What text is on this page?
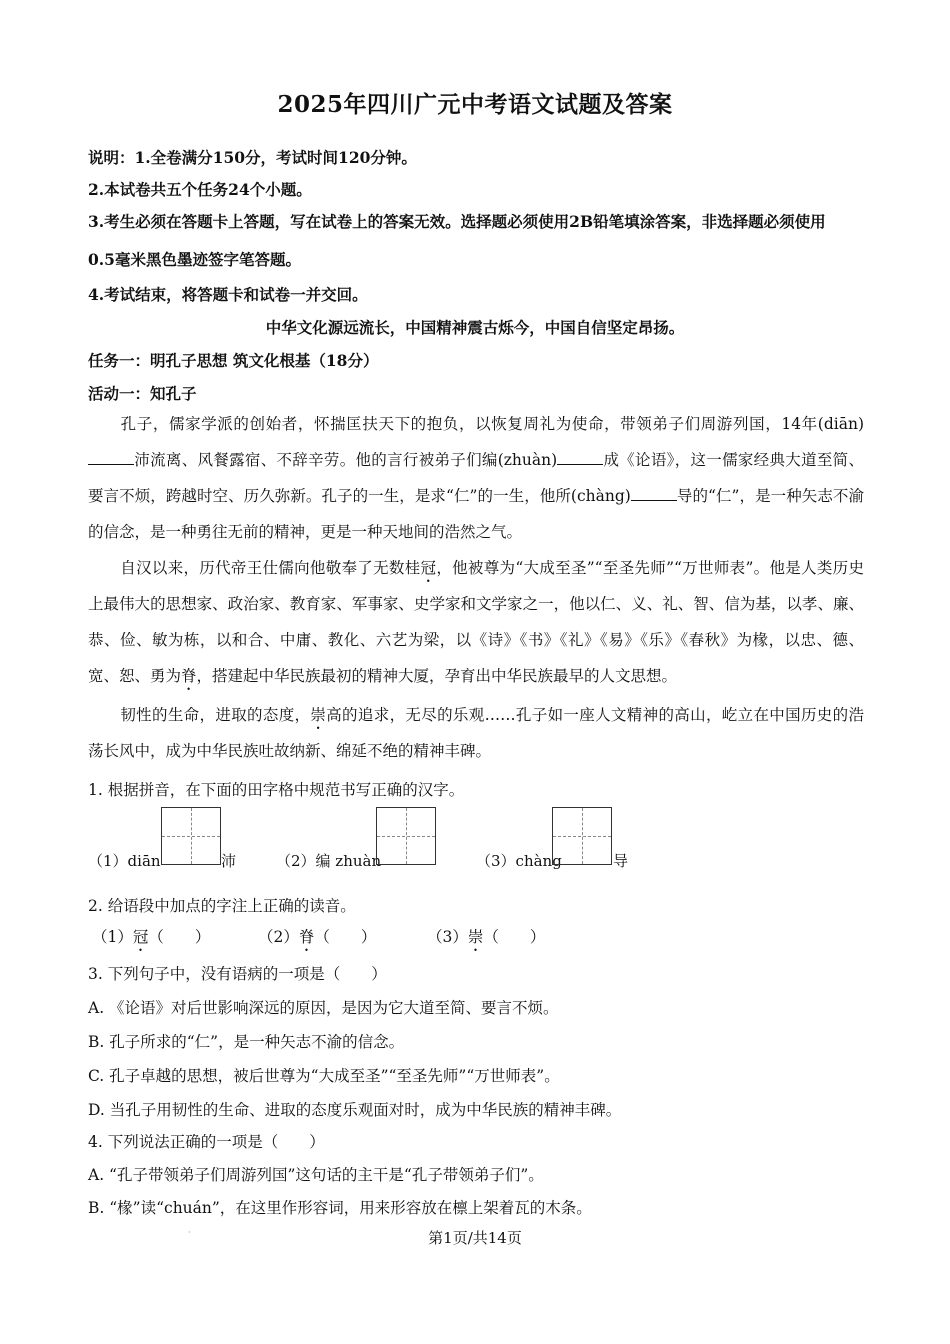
2025年四川广元中考语文试题及答案
说明：1.全卷满分150分，考试时间120分钟。
2.本试卷共五个任务24个小题。
3.考生必须在答题卡上答题，写在试卷上的答案无效。选择题必须使用2B铅笔填涂答案，非选择题必须使用
0.5毫米黑色墨迹签字笔答题。
4.考试结束，将答题卡和试卷一并交回。
中华文化源远流长，中国精神震古烁今，中国自信坚定昂扬。
任务一：明孔子思想 筑文化根基（18分）
活动一：知孔子
孔子，儒家学派的创始者，怀揣匡扶天下的抱负，以恢复周礼为使命，带领弟子们周游列国，14年(diān)沛流离、风餐露宿、不辞辛劳。他的言行被弟子们编(zhuàn)	成《论语》，这一儒家经典大道至简、要言不烦，跨越时空、历久弥新。孔子的一生，是求“仁”的一生，他所(chàng)	导的“仁”，是一种矢志不渝的信念，是一种勇往无前的精神，更是一种天地间的浩然之气。
自汉以来，历代帝王仕儒向他敬奉了无数桂冠，他被尊为“大成至圣”“至圣先师”“万世师表”。他是人类历史上最伟大的思想家、政治家、教育家、军事家、史学家和文学家之一，他以仁、义、礼、智、信为基，以孝、廉、恭、俭、敏为栋，以和合、中庸、教化、六艺为梁，以《诗》《书》《礼》《易》《乐》《春秋》为椽，以忠、德、宽、恕、勇为脊，搭建起中华民族最初的精神大厦，孕育出中华民族最早的人文思想。
韧性的生命，进取的态度，崇高的追求，无尽的乐观……孔子如一座人文精神的高山，屹立在中国历史的浩荡长风中，成为中华民族吐故纳新、绵延不绝的精神丰碑。
1. 根据拼音，在下面的田字格中规范书写正确的汉字。
（1）diān	沛	（2）编 zhuàn	（3）chàng	导
2. 给语段中加点的字注上正确的读音。
（1）冠（　　）	（2）脊（　　）	（3）崇（　　）
3. 下列句子中，没有语病的一项是（　　）
A. 《论语》对后世影响深远的原因，是因为它大道至简、要言不烦。
B. 孔子所求的“仁”，是一种矢志不渝的信念。
C. 孔子卓越的思想，被后世尊为“大成至圣”“至圣先师”“万世师表”。
D. 当孔子用韧性的生命、进取的态度乐观面对时，成为中华民族的精神丰碑。
4. 下列说法正确的一项是（　　）
A. “孔子带领弟子们周游列国”这句话的主干是“孔子带领弟子们”。
B. “椽”读“chuán”，在这里作形容词，用来形容放在檩上架着瓦的木条。
·	第1页/共14页
